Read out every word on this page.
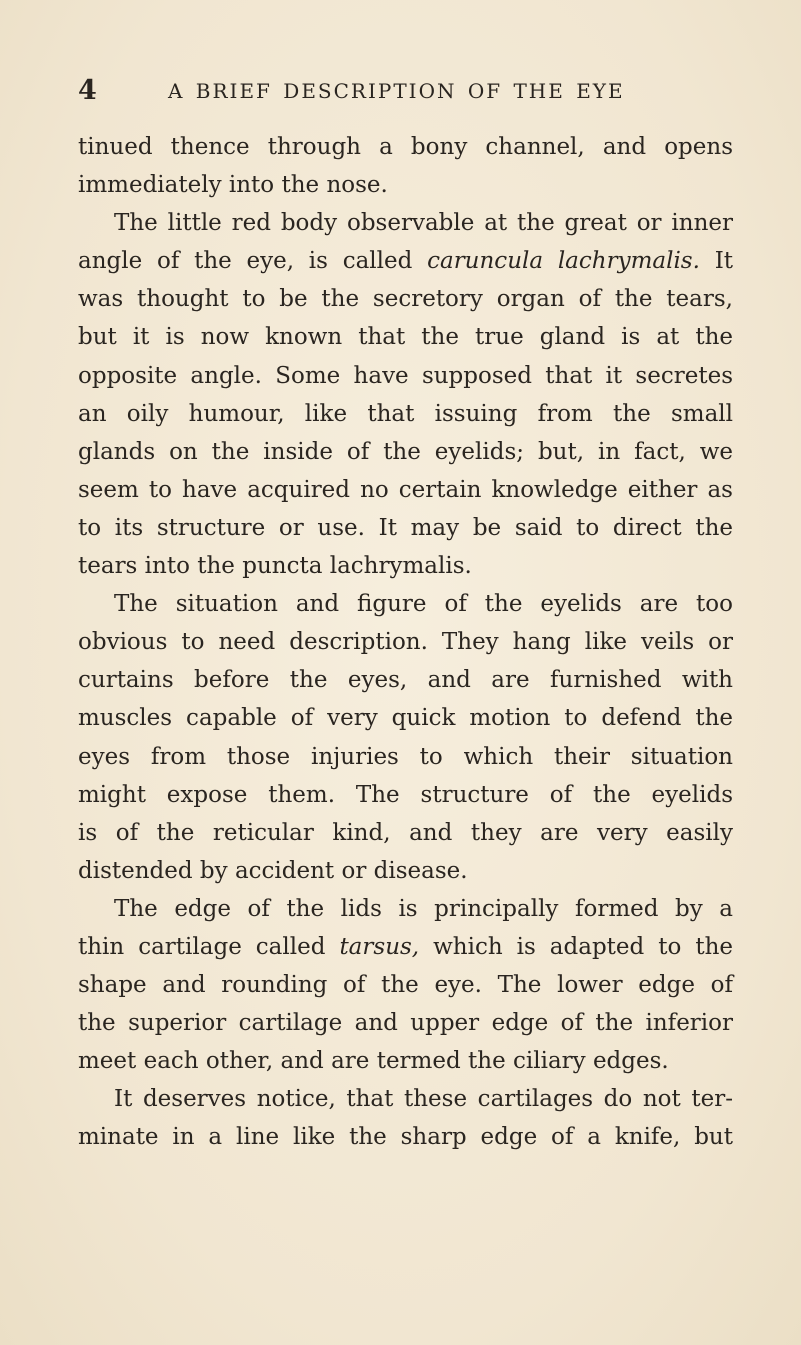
4	A BRIEF DESCRIPTION OF THE EYE
tinued thence through a bony channel, and opens
immediately into the nose.
The little red body observable at the great or inner
angle of the eye, is called caruncula lachrymalis. It
was thought to be the secretory organ of the tears,
but it is now known that the true gland is at the
opposite angle. Some have supposed that it secretes
an oily humour, like that issuing from the small
glands on the inside of the eyelids; but, in fact, we
seem to have acquired no certain knowledge either as
to its structure or use. It may be said to direct the
tears into the puncta lachrymalis.
The situation and figure of the eyelids are too
obvious to need description. They hang like veils or
curtains before the eyes, and are furnished with
muscles capable of very quick motion to defend the
eyes from those injuries to which their situation
might expose them. The structure of the eyelids
is of the reticular kind, and they are very easily
distended by accident or disease.
The edge of the lids is principally formed by a
thin cartilage called tarsus, which is adapted to the
shape and rounding of the eye. The lower edge of
the superior cartilage and upper edge of the inferior
meet each other, and are termed the ciliary edges.
It deserves notice, that these cartilages do not ter-
minate in a line like the sharp edge of a knife, but
